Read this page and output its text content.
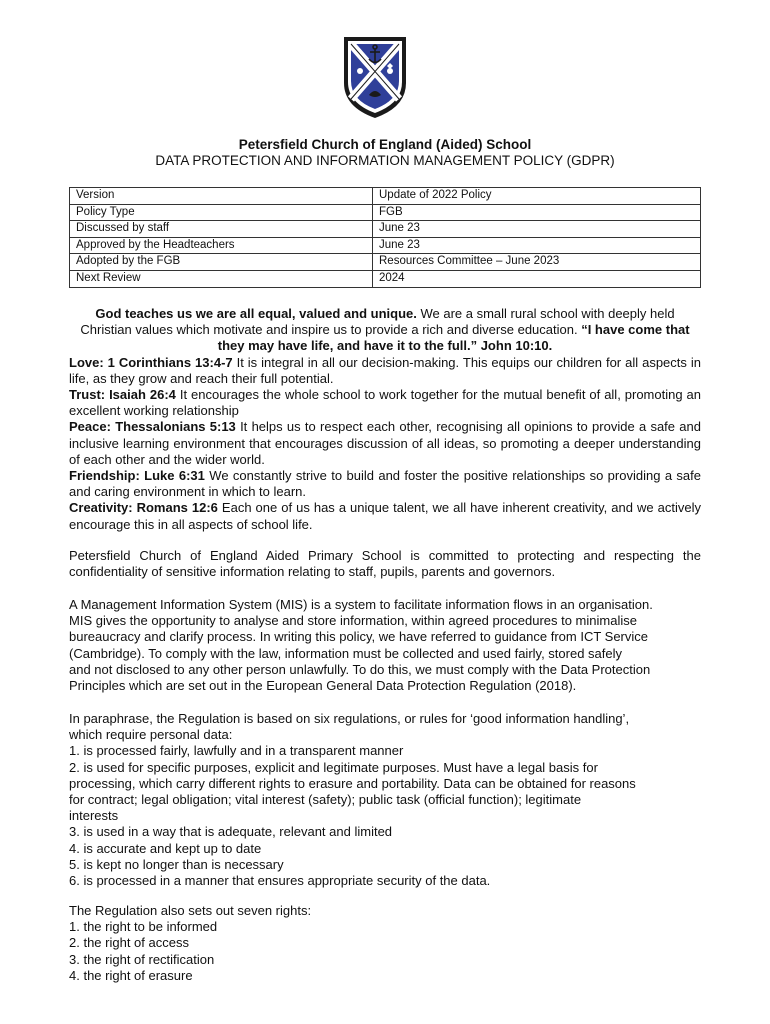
Petersfield Church of England (Aided) School
DATA PROTECTION AND INFORMATION MANAGEMENT POLICY (GDPR)
Version	Update of 2022 Policy
Policy Type	FGB
Discussed by staff	June 23
Approved by the Headteachers	June 23
Adopted by the FGB	Resources Committee – June 2023
Next Review	2024
God teaches us we are all equal, valued and unique. We are a small rural school with deeply held Christian values which motivate and inspire us to provide a rich and diverse education. “I have come that they may have life, and have it to the full.” John 10:10.
Love: 1 Corinthians 13:4-7 It is integral in all our decision-making. This equips our children for all aspects in life, as they grow and reach their full potential.
Trust: Isaiah 26:4 It encourages the whole school to work together for the mutual benefit of all, promoting an excellent working relationship
Peace: Thessalonians 5:13 It helps us to respect each other, recognising all opinions to provide a safe and inclusive learning environment that encourages discussion of all ideas, so promoting a deeper understanding of each other and the wider world.
Friendship: Luke 6:31 We constantly strive to build and foster the positive relationships so providing a safe and caring environment in which to learn.
Creativity: Romans 12:6 Each one of us has a unique talent, we all have inherent creativity, and we actively encourage this in all aspects of school life.
Petersfield Church of England Aided Primary School is committed to protecting and respecting the confidentiality of sensitive information relating to staff, pupils, parents and governors.
A Management Information System (MIS) is a system to facilitate information flows in an organisation.
MIS gives the opportunity to analyse and store information, within agreed procedures to minimalise
bureaucracy and clarify process. In writing this policy, we have referred to guidance from ICT Service
(Cambridge). To comply with the law, information must be collected and used fairly, stored safely
and not disclosed to any other person unlawfully. To do this, we must comply with the Data Protection
Principles which are set out in the European General Data Protection Regulation (2018).
In paraphrase, the Regulation is based on six regulations, or rules for ‘good information handling’,
which require personal data:
1. is processed fairly, lawfully and in a transparent manner
2. is used for specific purposes, explicit and legitimate purposes. Must have a legal basis for
processing, which carry different rights to erasure and portability. Data can be obtained for reasons
for contract; legal obligation; vital interest (safety); public task (official function); legitimate
interests
3. is used in a way that is adequate, relevant and limited
4. is accurate and kept up to date
5. is kept no longer than is necessary
6. is processed in a manner that ensures appropriate security of the data.
The Regulation also sets out seven rights:
1. the right to be informed
2. the right of access
3. the right of rectification
4. the right of erasure
